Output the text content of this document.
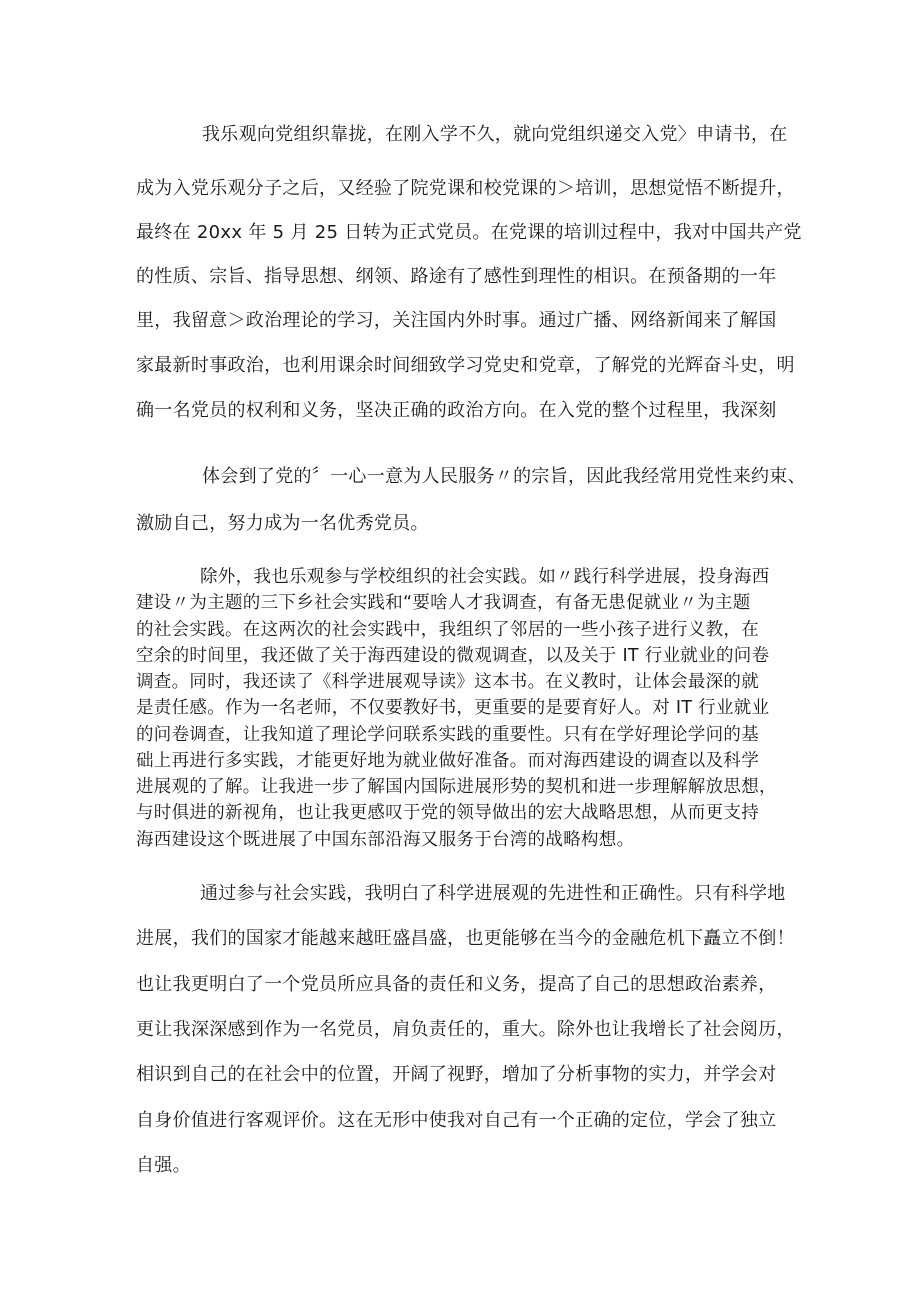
我乐观向党组织靠拢，在刚入学不久，就向党组织递交入党〉申请书，在
成为入党乐观分子之后，又经验了院党课和校党课的＞培训，思想觉悟不断提升，
最终在 20xx 年 5 月 25 日转为正式党员。在党课的培训过程中，我对中国共产党
的性质、宗旨、指导思想、纲领、路途有了感性到理性的相识。在预备期的一年
里，我留意＞政治理论的学习，关注国内外时事。通过广播、网络新闻来了解国
家最新时事政治，也利用课余时间细致学习党史和党章，了解党的光辉奋斗史，明
确一名党员的权利和义务，坚决正确的政治方向。在入党的整个过程里，我深刻
体会到了党的〞一心一意为人民服务〃的宗旨，因此我经常用党性来约束、
激励自己，努力成为一名优秀党员。
除外，我也乐观参与学校组织的社会实践。如〃践行科学进展，投身海西
建设〃为主题的三下乡社会实践和“要啥人才我调查，有备无患促就业〃为主题
的社会实践。在这两次的社会实践中，我组织了邻居的一些小孩子进行义教，在
空余的时间里，我还做了关于海西建设的微观调查，以及关于 IT 行业就业的问卷
调查。同时，我还读了《科学进展观导读》这本书。在义教时，让体会最深的就
是责任感。作为一名老师，不仅要教好书，更重要的是要育好人。对 IT 行业就业
的问卷调查，让我知道了理论学问联系实践的重要性。只有在学好理论学问的基
础上再进行多实践，才能更好地为就业做好准备。而对海西建设的调查以及科学
进展观的了解。让我进一步了解国内国际进展形势的契机和进一步理解解放思想，
与时俱进的新视角，也让我更感叹于党的领导做出的宏大战略思想，从而更支持
海西建设这个既进展了中国东部沿海又服务于台湾的战略构想。
通过参与社会实践，我明白了科学进展观的先进性和正确性。只有科学地
进展，我们的国家才能越来越旺盛昌盛，也更能够在当今的金融危机下矗立不倒！
也让我更明白了一个党员所应具备的责任和义务，提高了自己的思想政治素养，
更让我深深感到作为一名党员，肩负责任的，重大。除外也让我增长了社会阅历，
相识到自己的在社会中的位置，开阔了视野，增加了分析事物的实力，并学会对
自身价值进行客观评价。这在无形中使我对自己有一个正确的定位，学会了独立
自强。
